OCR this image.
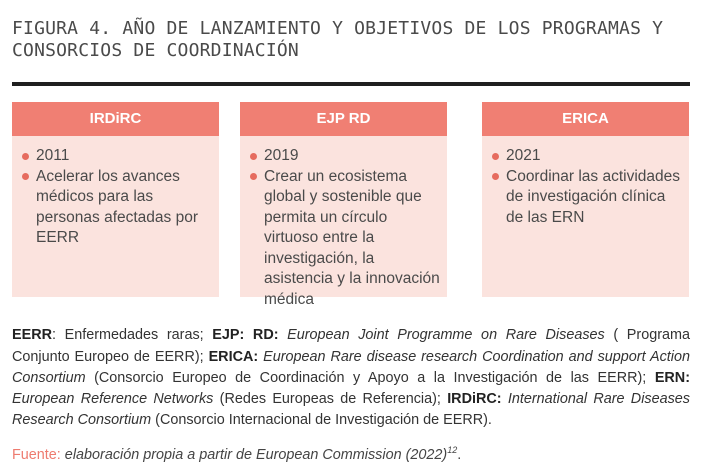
FIGURA 4. AÑO DE LANZAMIENTO Y OBJETIVOS DE LOS PROGRAMAS Y CONSORCIOS DE COORDINACIÓN
IRDiRC
2011
Acelerar los avances médicos para las personas afectadas por EERR
EJP RD
2019
Crear un ecosistema global y sostenible que permita un círculo virtuoso entre la investigación, la asistencia y la innovación médica
ERICA
2021
Coordinar las actividades de investigación clínica de las ERN

EERR: Enfermedades raras; EJP: RD: European Joint Programme on Rare Diseases ( Programa Conjunto Europeo de EERR); ERICA: European Rare disease research Coordination and support Action Consortium (Consorcio Europeo de Coordinación y Apoyo a la Investigación de las EERR); ERN: European Reference Networks (Redes Europeas de Referencia); IRDiRC: International Rare Diseases Research Consortium (Consorcio Internacional de Investigación de EERR).

Fuente: elaboración propia a partir de European Commission $(2022)^{12}$.
